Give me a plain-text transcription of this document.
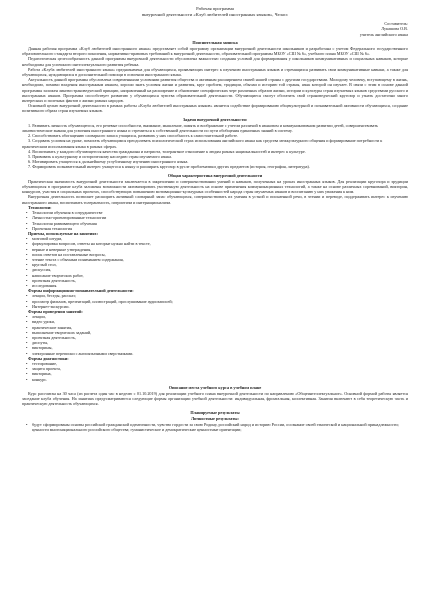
Рабочая программа
внеурочной деятельности «Клуб любителей иностранных языков», Челасс
Составитель:
Лукашова О.В.
учитель английского языка
Пояснительная записка

Данная рабочая программа «Клуб любителей иностранного языка» представляет собой программу организации внеурочной деятельности школьников и разработана с учетом Федерального государственного образовательного стандарта второго поколения, нормативно-правовых требований к внеурочной деятельности, образовательной программы МБОУ «СШ № 6», учебного плана МБОУ «СШ № 6».

Педагогическая целесообразность данной программы внеурочной деятельности обусловлена важностью создания условий для формирования у школьников коммуникативных и социальных навыков, которые необходимы для успешного интеллектуального развития ребенка.

Работа «Клуба любителей иностранного языка» предназначена для обучающихся, проявляющих интерес к изучению иностранных языков и стремящихся развивать свои коммуникативные навыки, а также для обучающихся, нуждающихся в дополнительной помощи в освоении иностранного языка.

Актуальность данной программы обусловлена современными условиями развития общества и активным расширением связей нашей страны с другими государствами. Молодому человеку, вступающему в жизнь, необходимо, помимо владения иностранным языком, хорошо знать условия жизни и развития, круг проблем, традиции, обычаи и историю той страны, язык которой он изучает. В связи с этим в основе данной программы заложен лингвострановедческий принцип, направленный на расширение и обновление специфических черт различных образов жизни, истории и культуры стран изучаемых языков средствами русского и иностранных языков. Программа способствует развитию у обучающихся чувства образовательной деятельности. Обучающиеся смогут обогатить свой страноведческий кругозор и узнать достаточно много интересных и полезных фактов о жизни разных народов.

Основной целью внеурочной деятельности в рамках работы «Клуба любителей иностранных языков» является содействие формированию общекультурной и познавательной активности обучающихся, создание позитивного образа стран изучаемых языков.

Задачи внеурочной деятельности:
1. Развивать личность обучающегося, его речевые способности, внимание, мышление, память и воображение с учетом различий в языковом и коммуникативном развитии детей, совершенствовать лингвистические знания для усвоения иностранного языка и стремиться к собственной деятельности по пути обобщения единичных знаний в систему.
2. Способствовать обогащению словарного запаса учащихся, развивать у них способность к самостоятельной работе.
3. Создавать условия на уроке, помогать обучающимся преодолевать психологический страх использования английского языка как средства межкультурного общения и формирование потребности к практическим использования языка в разных сферах.
4. Воспитывать у каждого обучающегося качества гражданина и патриота, толерантное отношение к людям разных национальностей и интерес к культуре.
5. Прививать к культурному и историческому наследию стран изучаемого языка.
6. Мотивировать учащегося к дальнейшему углубленному изучению иностранного языка.
7. Формировать познавательный интерес учащегося к языку и расширять кругозор в русле проблематики других предметов (история, география, литература).
Общая характеристика внеурочной деятельности

Практическая значимость внеурочной деятельности заключается в закреплении и совершенствовании умений и навыков, полученных на уроках иностранных языков. Для реализации кругозора и эрудиции обучающихся в программе клуба заложены возможности активизировать умственную деятельность на основе применения коммуникационных технологий, а также на основе различных соревнований, викторин, конкурсов, участия в социальных проектах, способствующих повышению мотивационно-культурных особенностей народа стран изучаемых языков и воспитанию у них уважения к ним.

Внеурочная деятельность позволяет расширить активный словарный запас обучающихся, совершенствовать их умения в устной и письменной речи, в чтении и переводе, поддерживать интерес к изучению иностранного языка, воспитывать толерантность, патриотизм и интернационализм.

Технологии:
• Технологии обучения в сотрудничестве
• Личностно-ориентированные технологии
• Технология развивающего обучения
• Проектная технология
Приемы, используемые на занятиях:
• мозговой штурм,
• формулировка вопросов, ответы на которые нужно найти в тексте,
• верные и неверные утверждения,
• поиск ответов на поставленные вопросы,
• чтение текста с обычным пониманием содержания,
• круглый стол,
• дискуссия,
• написание творческих работ,
• проектная деятельность,
• исследования.
Формы информационно-познавательной деятельности:
• лекции, беседы, рассказ;
• просмотр фильмов, презентаций, иллюстраций, прослушивание аудиозаписей;
• Интернет-экскурсии.
Формы проведения занятий:
• лекции,
• видео уроки,
• практические занятия,
• выполнение творческих заданий,
• проектная деятельность,
• диспуты,
• викторины,
• электронные переписки с англоязычными сверстниками.
Формы диагностики:
• тестирование,
• защита проекта,
• викторина,
• конкурс.
Описание места учебного курса в учебном плане

Курс рассчитан на 30 часа (из расчета один час в неделю с 01.10.2019) для реализации учебного плана внеурочной деятельности по направлению «Общеинтеллектуальное». Основной формой работы является заседание клуба обучения. На занятиях предусматриваются следующие формы организации учебной деятельности: индивидуальная, фронтальная, коллективная. Занятия включают в себя теоретическую часть и практическую деятельность обучающихся.

Планируемые результаты
Личностные результаты:
• будут сформированы основы российской гражданской идентичности, чувство гордости за свою Родину, российский народ и историю России, осознание своей этнической и национальной принадлежности; ценности многонационального российского общества; гуманистическое и демократические ценностные ориентации;
